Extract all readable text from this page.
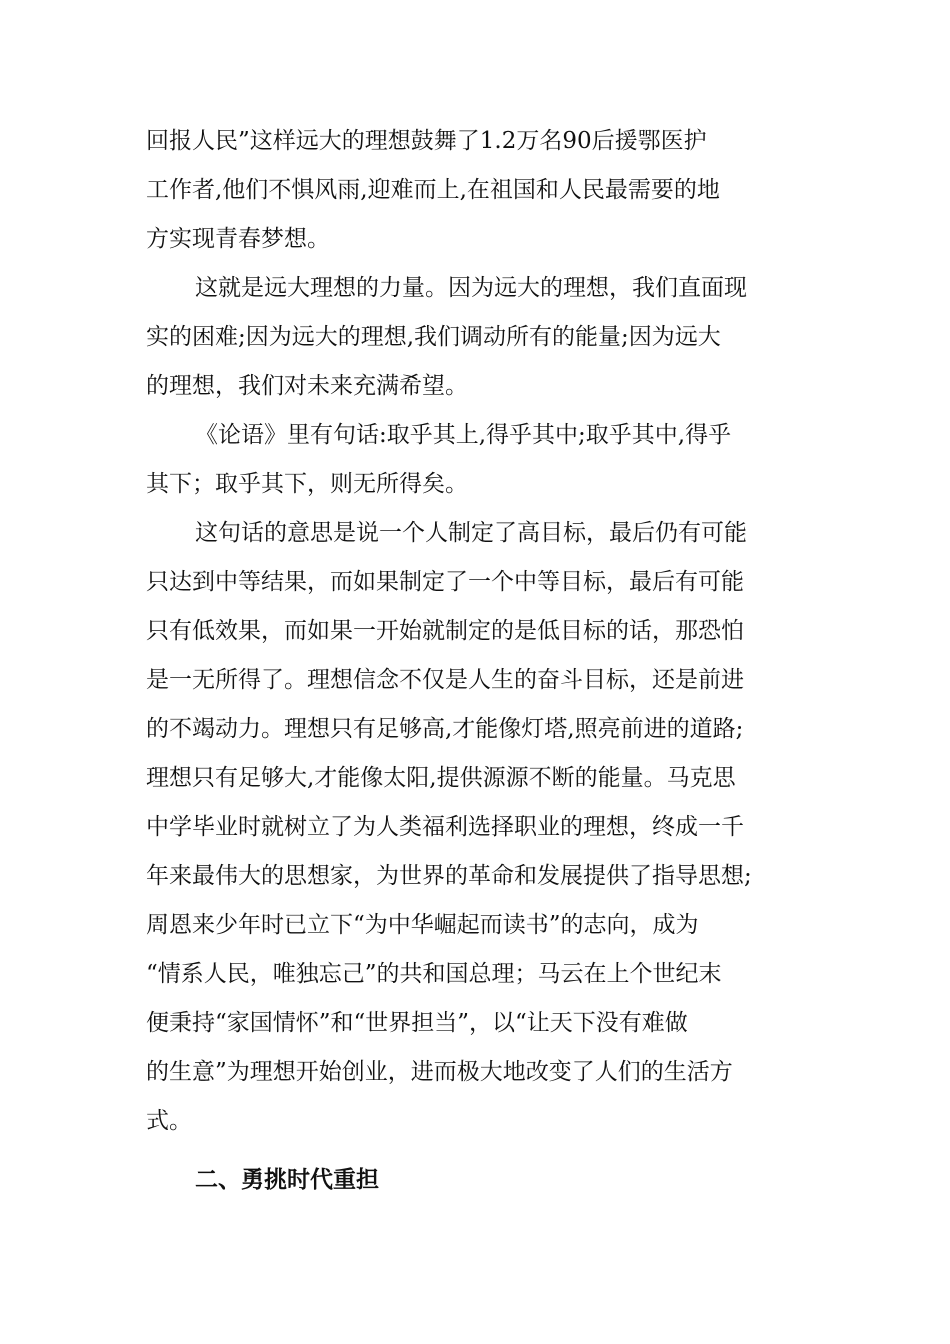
回报人民”这样远大的理想鼓舞了1.2万名90后援鄂医护
工作者,他们不惧风雨,迎难而上,在祖国和人民最需要的地
方实现青春梦想。
这就是远大理想的力量。因为远大的理想，我们直面现
实的困难;因为远大的理想,我们调动所有的能量;因为远大
的理想，我们对未来充满希望。
《论语》里有句话:取乎其上,得乎其中;取乎其中,得乎
其下；取乎其下，则无所得矣。
这句话的意思是说一个人制定了高目标，最后仍有可能
只达到中等结果，而如果制定了一个中等目标，最后有可能
只有低效果，而如果一开始就制定的是低目标的话，那恐怕
是一无所得了。理想信念不仅是人生的奋斗目标，还是前进
的不竭动力。理想只有足够高,才能像灯塔,照亮前进的道路;
理想只有足够大,才能像太阳,提供源源不断的能量。马克思
中学毕业时就树立了为人类福利选择职业的理想，终成一千
年来最伟大的思想家，为世界的革命和发展提供了指导思想;
周恩来少年时已立下“为中华崛起而读书”的志向，成为
“情系人民，唯独忘己”的共和国总理；马云在上个世纪末
便秉持“家国情怀”和“世界担当”，以“让天下没有难做
的生意”为理想开始创业，进而极大地改变了人们的生活方
式。
二、勇挑时代重担
